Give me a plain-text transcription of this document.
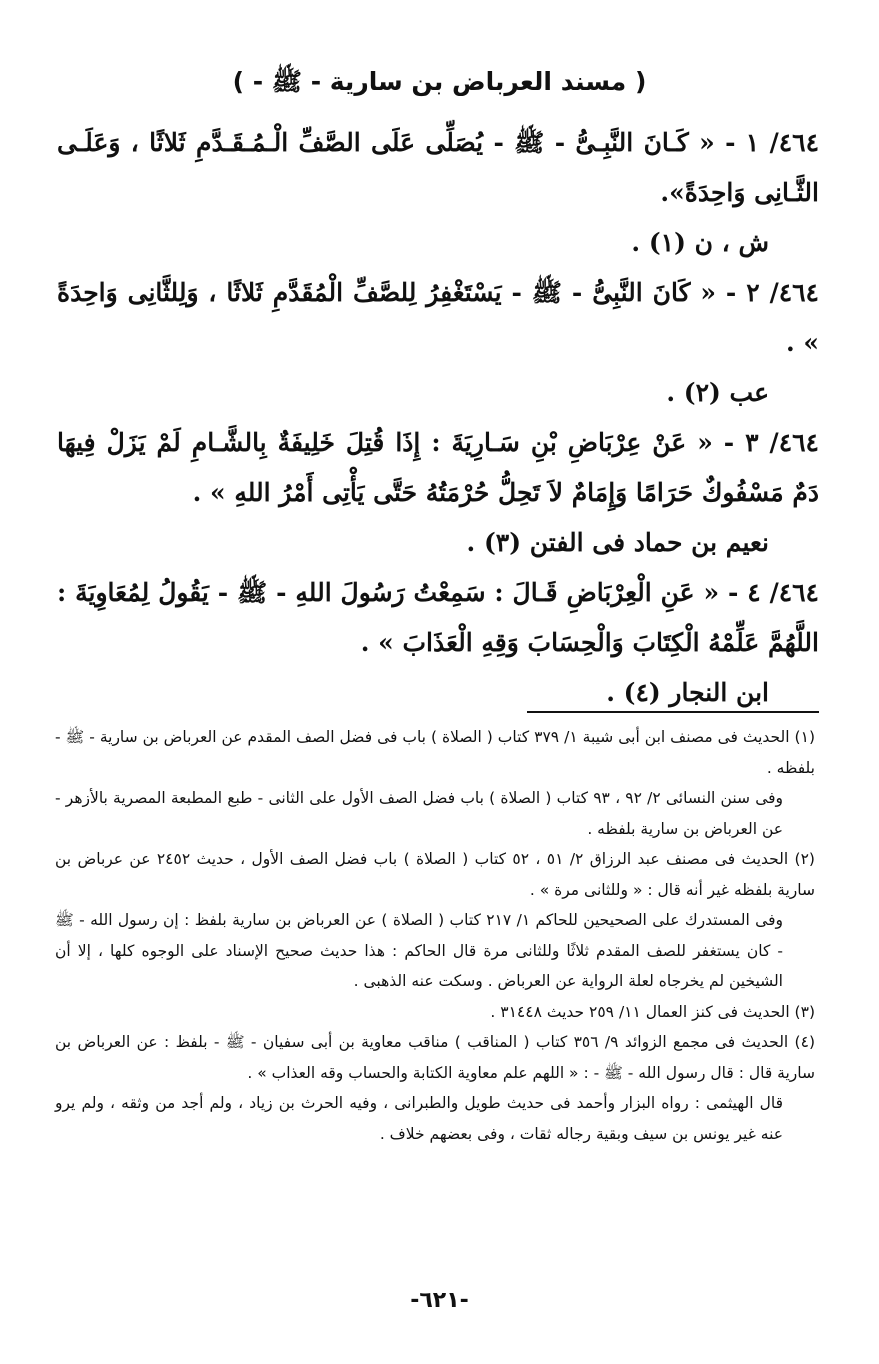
( مسند العرباض بن سارية - ﷺ - )

٤٦٤/ ١ - « كَـانَ النَّبِـىُّ - ﷺ - يُصَلِّى عَلَى الصَّفِّ الْـمُـقَـدَّمِ ثَلاثًا ، وَعَلَـى الثَّـانِى وَاحِدَةً».

ش ، ن (١) .

٤٦٤/ ٢ - « كَانَ النَّبِىُّ - ﷺ - يَسْتَغْفِرُ لِلصَّفِّ الْمُقَدَّمِ ثَلاثًا ، وَلِلثَّانِى وَاحِدَةً » .

عب (٢) .

٤٦٤/ ٣ - « عَنْ عِرْبَاضِ بْنِ سَـارِيَةَ : إِذَا قُتِلَ خَلِيفَةٌ بِالشَّـامِ لَمْ يَزَلْ فِيهَا دَمٌ مَسْفُوكٌ حَرَامًا وَإِمَامٌ لاَ تَحِلُّ حُرْمَتُهُ حَتَّى يَأْتِى أَمْرُ اللهِ » .

نعيم بن حماد فى الفتن (٣) .

٤٦٤/ ٤ - « عَنِ الْعِرْبَاضِ قَـالَ : سَمِعْتُ رَسُولَ اللهِ - ﷺ - يَقُولُ لِمُعَاوِيَةَ : اللَّهُمَّ عَلِّمْهُ الْكِتَابَ وَالْحِسَابَ وَقِهِ الْعَذَابَ » .

ابن النجار (٤) .

(١) الحديث فى مصنف ابن أبى شيبة ١/ ٣٧٩ كتاب ( الصلاة ) باب فى فضل الصف المقدم عن العرباض بن سارية - ﷺ - بلفظه .

وفى سنن النسائى ٢/ ٩٢ ، ٩٣ كتاب ( الصلاة ) باب فضل الصف الأول على الثانى - طبع المطبعة المصرية بالأزهر - عن العرباض بن سارية بلفظه .

(٢) الحديث فى مصنف عبد الرزاق ٢/ ٥١ ، ٥٢ كتاب ( الصلاة ) باب فضل الصف الأول ، حديث ٢٤٥٢ عن عرباض بن سارية بلفظه غير أنه قال : « وللثانى مرة » .

وفى المستدرك على الصحيحين للحاكم ١/ ٢١٧ كتاب ( الصلاة ) عن العرباض بن سارية بلفظ : إن رسول الله - ﷺ - كان يستغفر للصف المقدم ثلاثًا وللثانى مرة قال الحاكم : هذا حديث صحيح الإسناد على الوجوه كلها ، إلا أن الشيخين لم يخرجاه لعلة الرواية عن العرباض . وسكت عنه الذهبى .

(٣) الحديث فى كنز العمال ١١/ ٢٥٩ حديث ٣١٤٤٨ .

(٤) الحديث فى مجمع الزوائد ٩/ ٣٥٦ كتاب ( المناقب ) مناقب معاوية بن أبى سفيان - ﷺ - بلفظ : عن العرباض بن سارية قال : قال رسول الله - ﷺ - : « اللهم علم معاوية الكتابة والحساب وقه العذاب » .

قال الهيثمى : رواه البزار وأحمد فى حديث طويل والطبرانى ، وفيه الحرث بن زياد ، ولم أجد من وثقه ، ولم يرو عنه غير يونس بن سيف وبقية رجاله ثقات ، وفى بعضهم خلاف .

-٦٢١-
